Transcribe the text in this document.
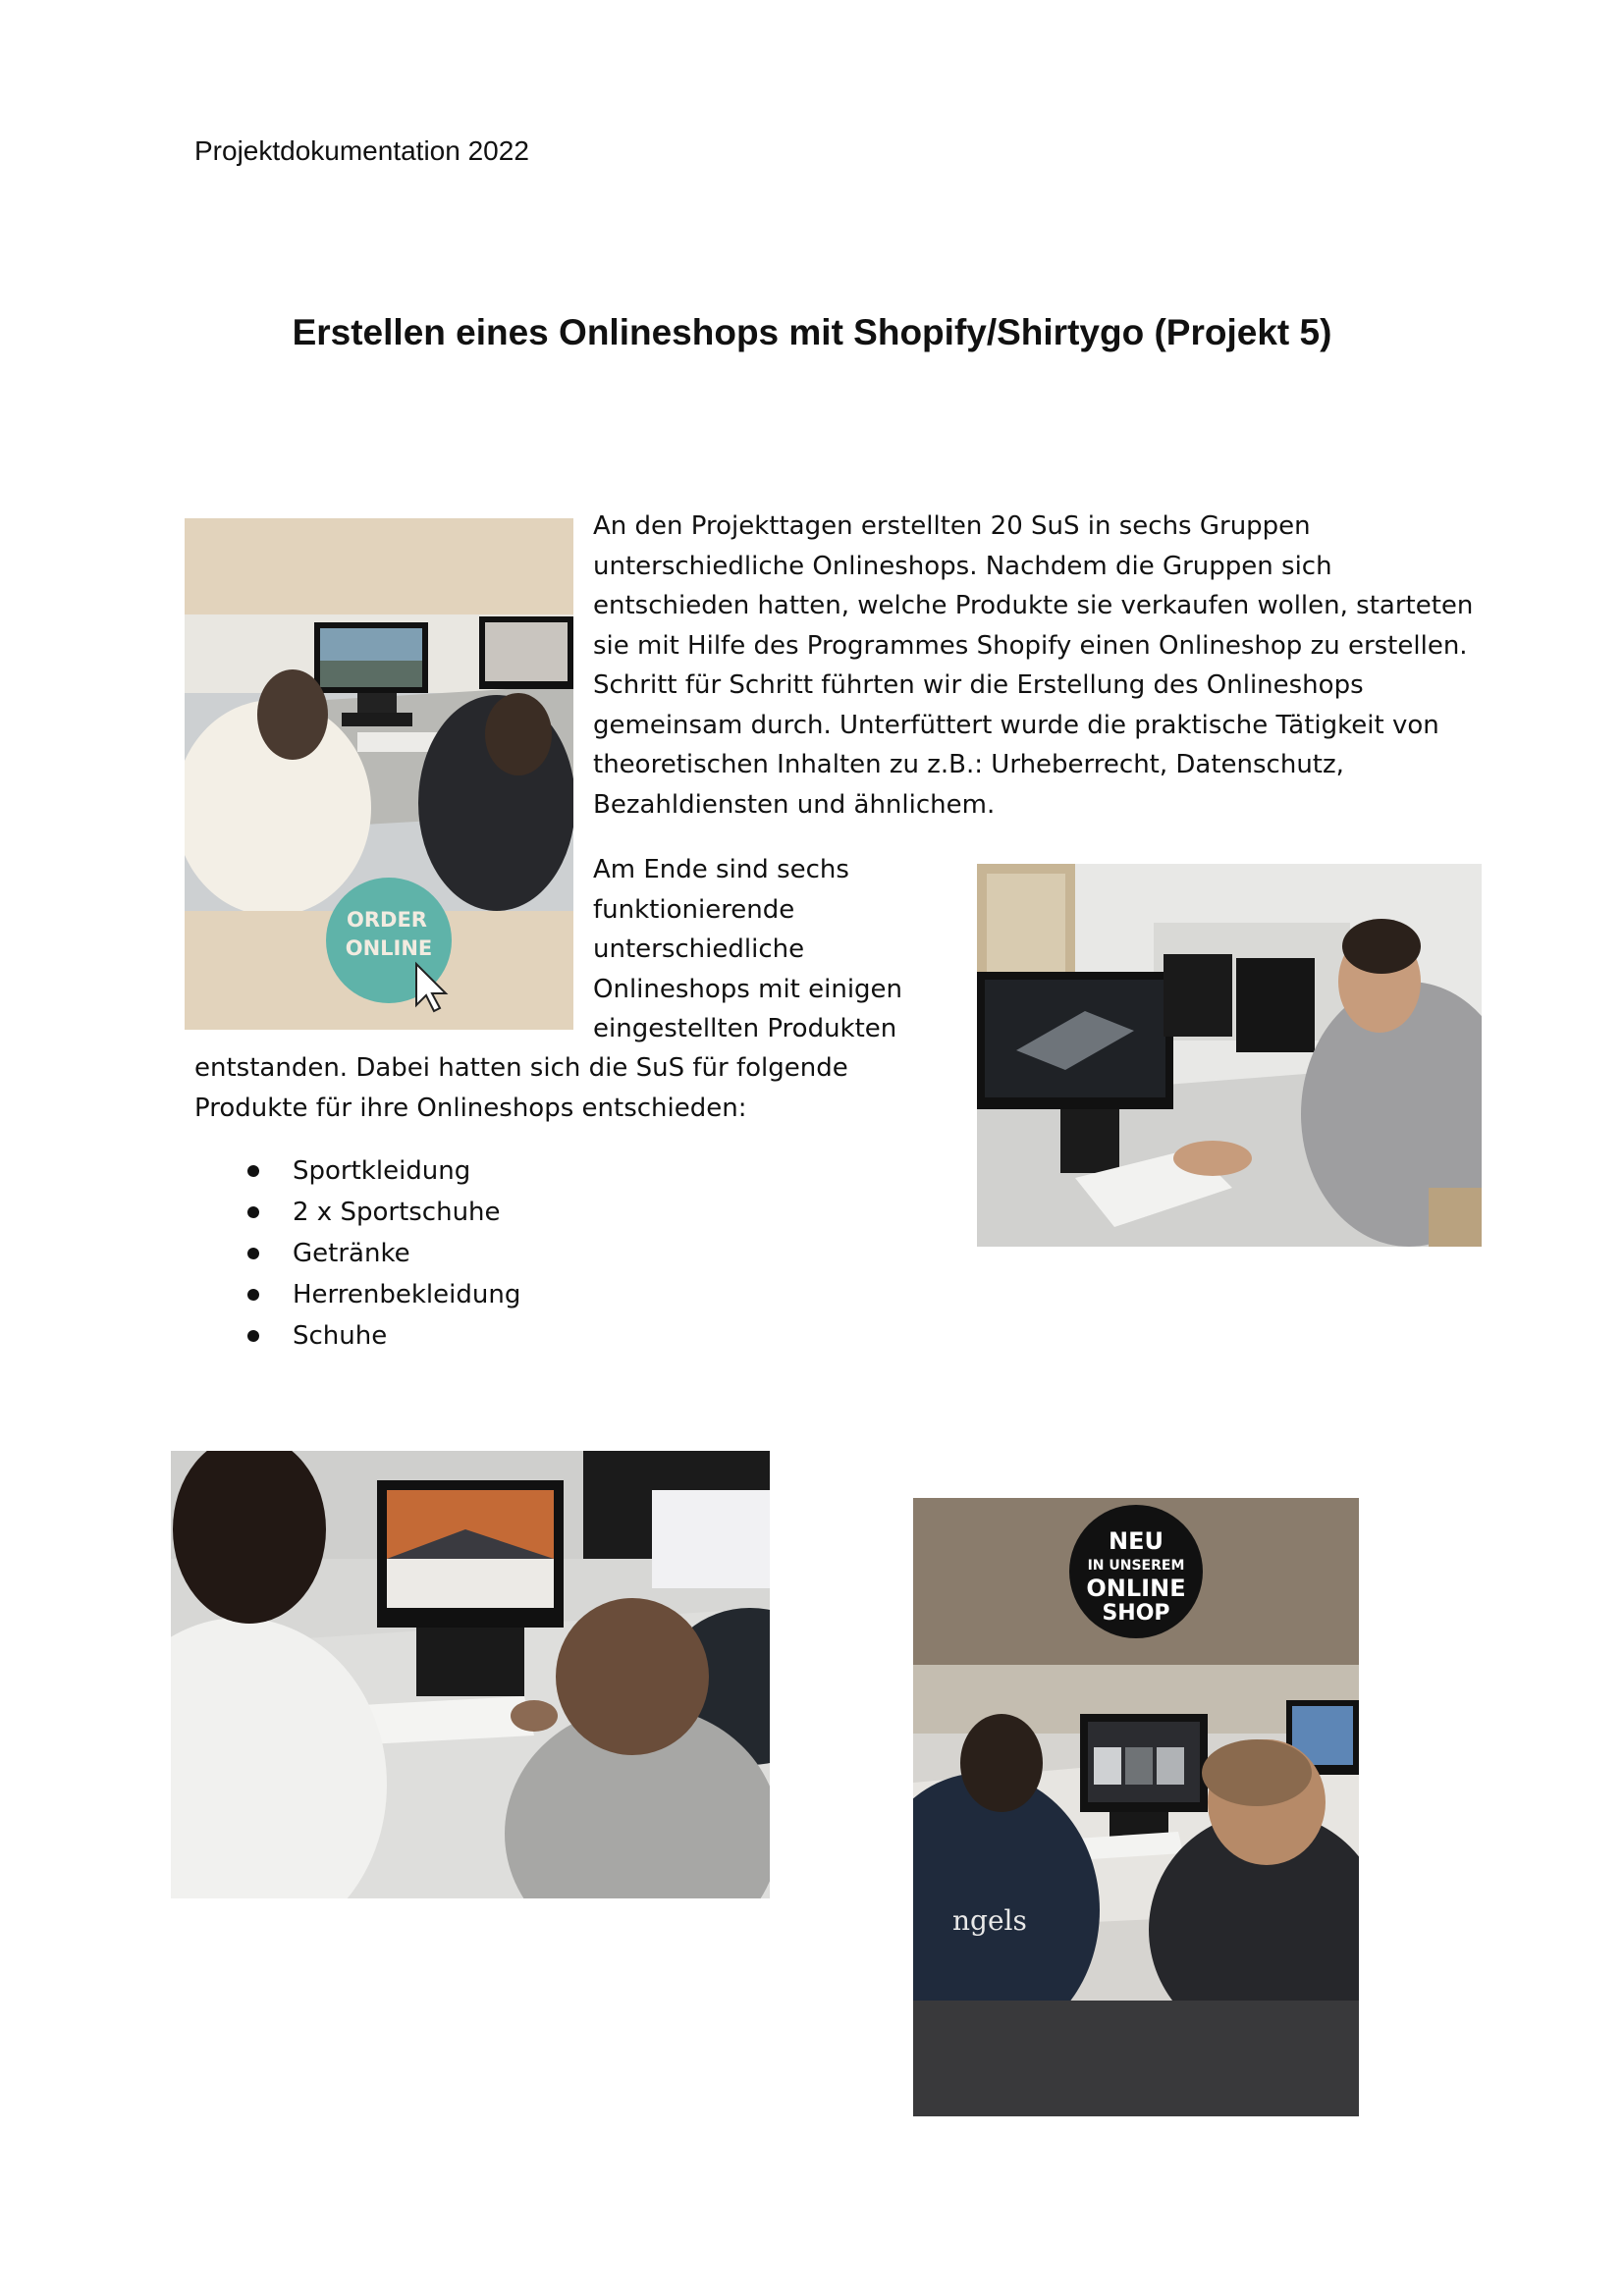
Projektdokumentation 2022
Erstellen eines Onlineshops mit Shopify/Shirtygo (Projekt 5)
ORDER
ONLINE
An den Projekttagen erstellten 20 SuS in sechs Gruppen unterschiedliche Onlineshops. Nachdem die Gruppen sich entschieden hatten, welche Produkte sie verkaufen wollen, starteten sie mit Hilfe des Programmes Shopify einen Onlineshop zu erstellen. Schritt für Schritt führten wir die Erstellung des Onlineshops gemeinsam durch. Unterfüttert wurde die praktische Tätigkeit von theoretischen Inhalten zu z.B.: Urheberrecht, Datenschutz, Bezahldiensten und ähnlichem.
Am Ende sind sechs funktionierende unterschiedliche Onlineshops mit einigen eingestellten Produkten
entstanden. Dabei hatten sich die SuS für folgende Produkte für ihre Onlineshops entschieden:
Sportkleidung
2 x Sportschuhe
Getränke
Herrenbekleidung
Schuhe
NEU
IN UNSEREM
ONLINE
SHOP
ngels
